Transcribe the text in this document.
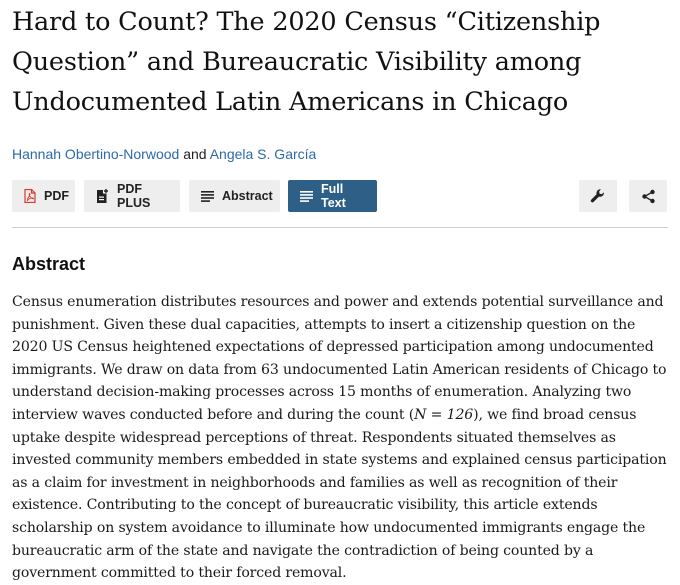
Hard to Count? The 2020 Census “Citizenship Question” and Bureaucratic Visibility among Undocumented Latin Americans in Chicago
Hannah Obertino-Norwood and Angela S. García
PDF	PDF PLUS	Abstract	Full Text
Abstract

Census enumeration distributes resources and power and extends potential surveillance and punishment. Given these dual capacities, attempts to insert a citizenship question on the 2020 US Census heightened expectations of depressed participation among undocumented immigrants. We draw on data from 63 undocumented Latin American residents of Chicago to understand decision-making processes across 15 months of enumeration. Analyzing two interview waves conducted before and during the count (N = 126), we find broad census uptake despite widespread perceptions of threat. Respondents situated themselves as invested community members embedded in state systems and explained census participation as a claim for investment in neighborhoods and families as well as recognition of their existence. Contributing to the concept of bureaucratic visibility, this article extends scholarship on system avoidance to illuminate how undocumented immigrants engage the bureaucratic arm of the state and navigate the contradiction of being counted by a government committed to their forced removal.
